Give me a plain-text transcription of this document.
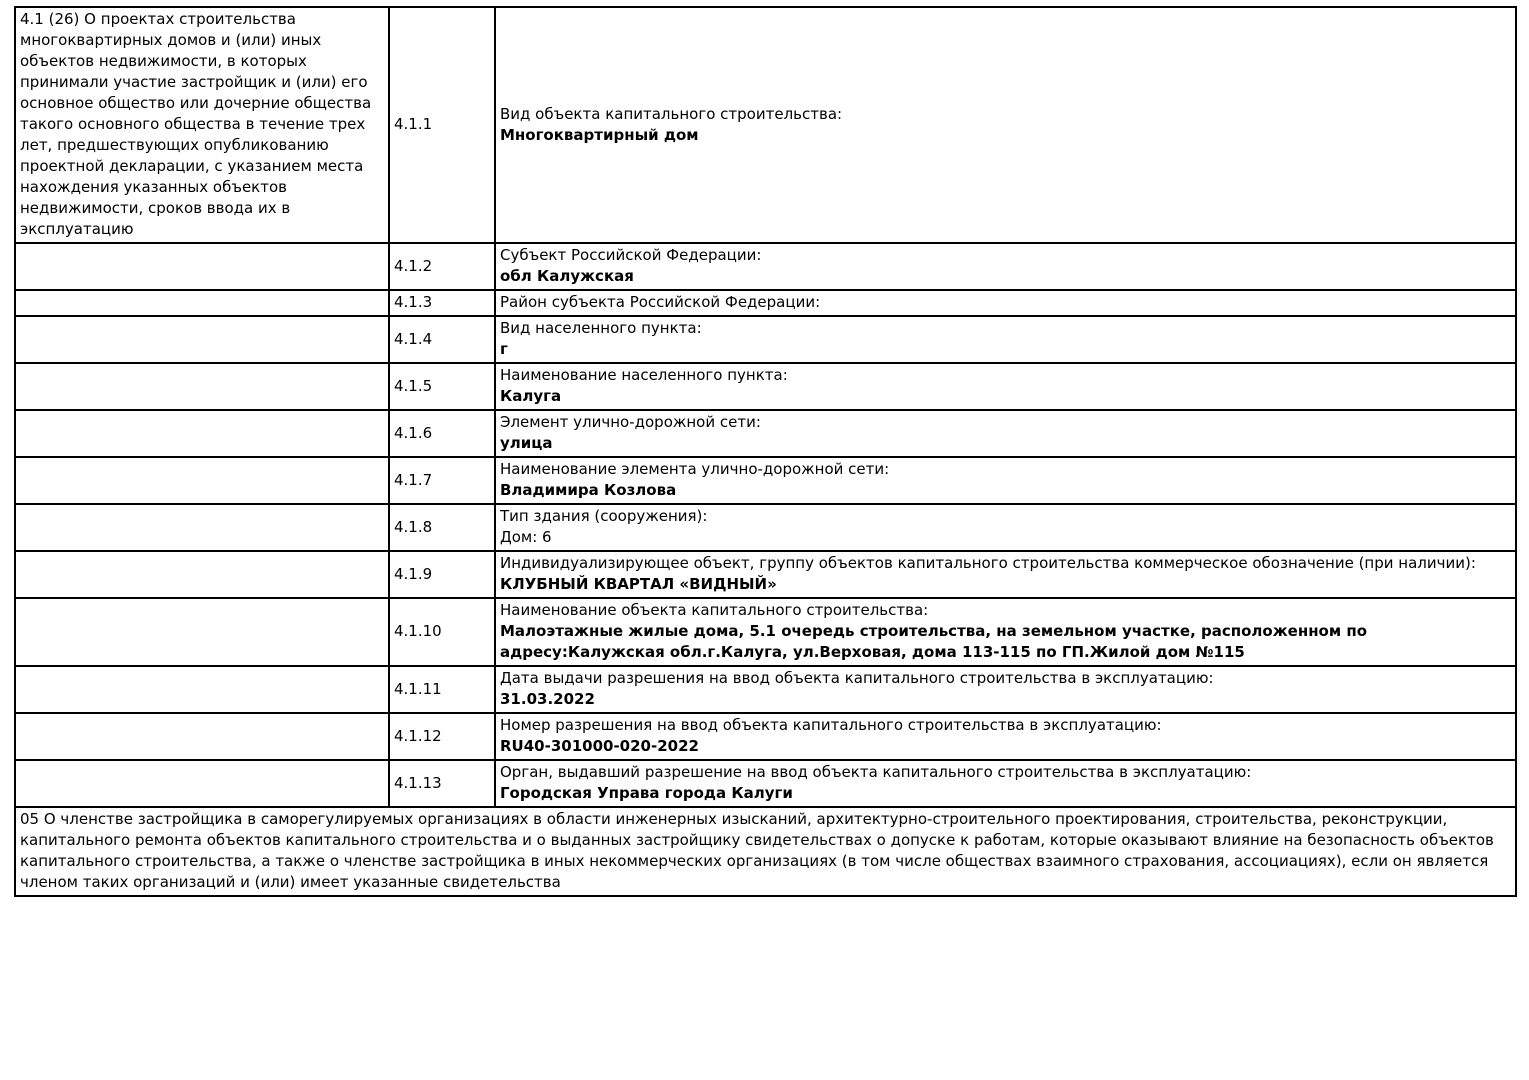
4.1 (26) О проектах строительства многоквартирных домов и (или) иных объектов недвижимости, в которых принимали участие застройщик и (или) его основное общество или дочерние общества такого основного общества в течение трех лет, предшествующих опубликованию проектной декларации, с указанием места нахождения указанных объектов недвижимости, сроков ввода их в эксплуатацию	4.1.1	Вид объекта капитального строительства:
Многоквартирный дом

	4.1.2	Субъект Российской Федерации:
обл Калужская

	4.1.3	Район субъекта Российской Федерации:

	4.1.4	Вид населенного пункта:
г

	4.1.5	Наименование населенного пункта:
Калуга

	4.1.6	Элемент улично-дорожной сети:
улица

	4.1.7	Наименование элемента улично-дорожной сети:
Владимира Козлова

	4.1.8	Тип здания (сооружения):
Дом: 6

	4.1.9	Индивидуализирующее объект, группу объектов капитального строительства коммерческое обозначение (при наличии):
КЛУБНЫЙ КВАРТАЛ «ВИДНЫЙ»

	4.1.10	Наименование объекта капитального строительства:
Малоэтажные жилые дома, 5.1 очередь строительства, на земельном участке, расположенном по адресу:Калужская обл.г.Калуга, ул.Верховая, дома 113-115 по ГП.Жилой дом №115

	4.1.11	Дата выдачи разрешения на ввод объекта капитального строительства в эксплуатацию:
31.03.2022

	4.1.12	Номер разрешения на ввод объекта капитального строительства в эксплуатацию:
RU40-301000-020-2022

	4.1.13	Орган, выдавший разрешение на ввод объекта капитального строительства в эксплуатацию:
Городская Управа города Калуги

05 О членстве застройщика в саморегулируемых организациях в области инженерных изысканий, архитектурно-строительного проектирования, строительства, реконструкции, капитального ремонта объектов капитального строительства и о выданных застройщику свидетельствах о допуске к работам, которые оказывают влияние на безопасность объектов капитального строительства, а также о членстве застройщика в иных некоммерческих организациях (в том числе обществах взаимного страхования, ассоциациях), если он является членом таких организаций и (или) имеет указанные свидетельства		
